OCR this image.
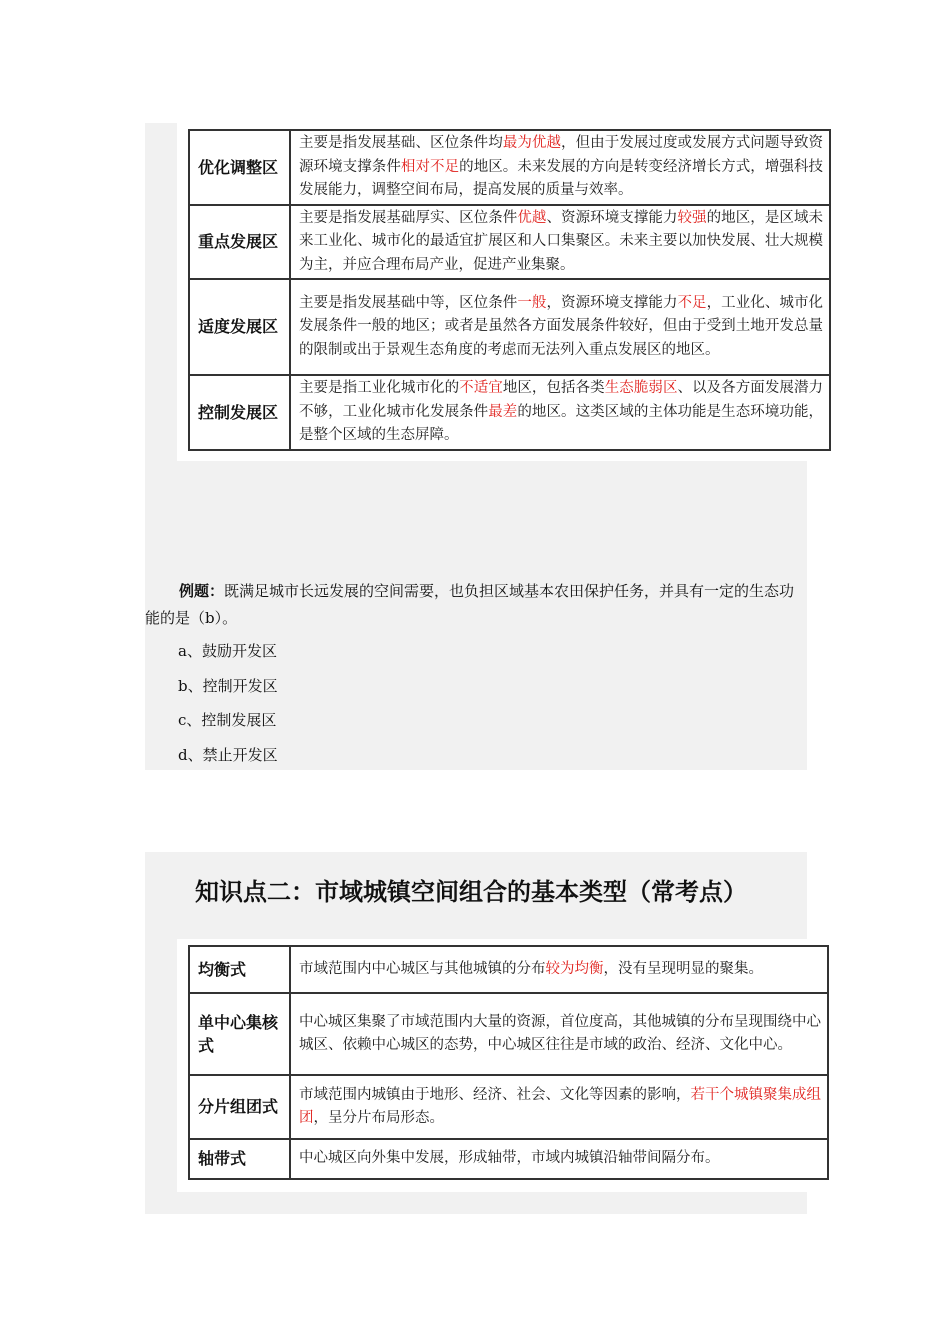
优化调整区	主要是指发展基础、区位条件均最为优越，但由于发展过度或发展方式问题导致资源环境支撑条件相对不足的地区。未来发展的方向是转变经济增长方式，增强科技发展能力，调整空间布局，提高发展的质量与效率。
重点发展区	主要是指发展基础厚实、区位条件优越、资源环境支撑能力较强的地区，是区域未来工业化、城市化的最适宜扩展区和人口集聚区。未来主要以加快发展、壮大规模为主，并应合理布局产业，促进产业集聚。
适度发展区	主要是指发展基础中等，区位条件一般，资源环境支撑能力不足，工业化、城市化发展条件一般的地区；或者是虽然各方面发展条件较好，但由于受到土地开发总量的限制或出于景观生态角度的考虑而无法列入重点发展区的地区。
控制发展区	主要是指工业化城市化的不适宜地区，包括各类生态脆弱区、以及各方面发展潜力不够，工业化城市化发展条件最差的地区。这类区域的主体功能是生态环境功能，是整个区域的生态屏障。
例题：既满足城市长远发展的空间需要，也负担区域基本农田保护任务，并具有一定的生态功能的是（b）。
a、鼓励开发区
b、控制开发区
c、控制发展区
d、禁止开发区
知识点二：市域城镇空间组合的基本类型（常考点）
均衡式	市域范围内中心城区与其他城镇的分布较为均衡，没有呈现明显的聚集。
单中心集核式	中心城区集聚了市域范围内大量的资源，首位度高，其他城镇的分布呈现围绕中心城区、依赖中心城区的态势，中心城区往往是市域的政治、经济、文化中心。
分片组团式	市域范围内城镇由于地形、经济、社会、文化等因素的影响，若干个城镇聚集成组团，呈分片布局形态。
轴带式	中心城区向外集中发展，形成轴带，市域内城镇沿轴带间隔分布。
